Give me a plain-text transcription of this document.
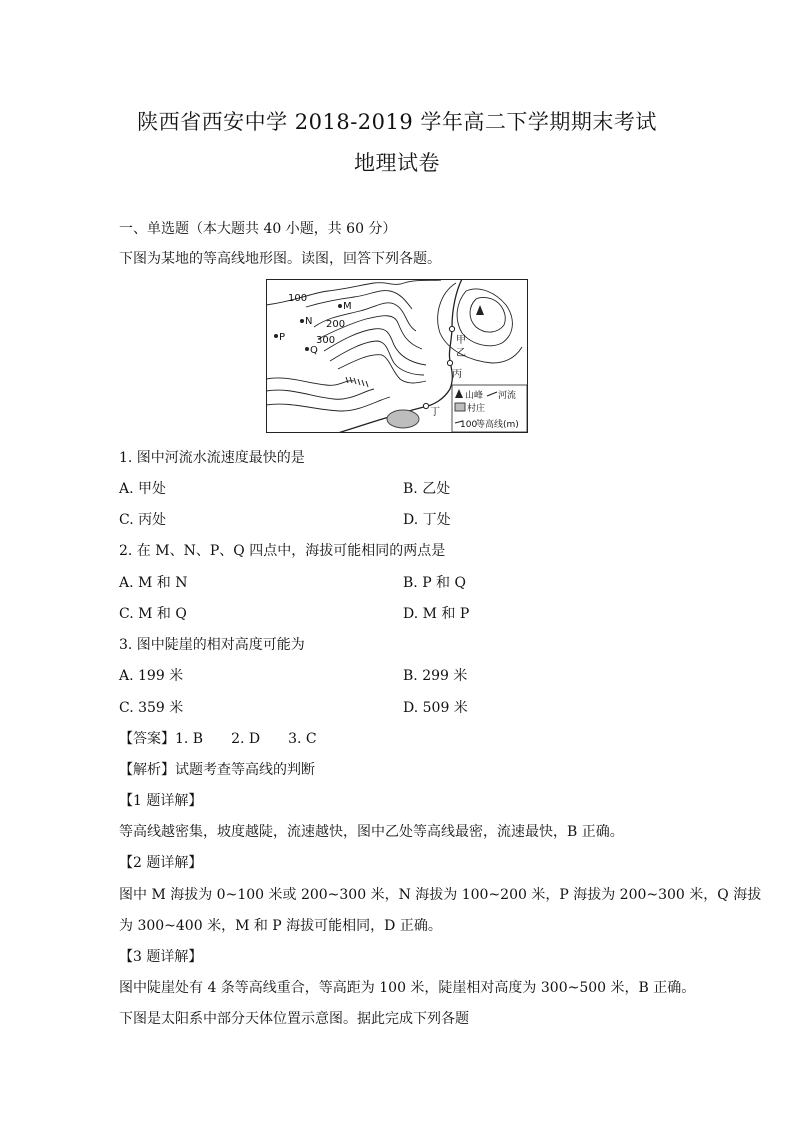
陕西省西安中学 2018-2019 学年高二下学期期末考试
地理试卷
一、单选题（本大题共 40 小题，共 60 分）
下图为某地的等高线地形图。读图，回答下列各题。
100
200
300
M
N
P
Q
甲
乙
丙
丁
山峰 河流
村庄
100
等高线(m)
1. 图中河流水流速度最快的是
A. 甲处	B. 乙处
C. 丙处	D. 丁处
2. 在 M、N、P、Q 四点中，海拔可能相同的两点是
A. M 和 N	B. P 和 Q
C. M 和 Q	D. M 和 P
3. 图中陡崖的相对高度可能为
A. 199 米	B. 299 米
C. 359 米	D. 509 米
【答案】1. B　　2. D　　3. C
【解析】试题考查等高线的判断
【1 题详解】
等高线越密集，坡度越陡，流速越快，图中乙处等高线最密，流速最快，B 正确。
【2 题详解】
图中 M 海拔为 0~100 米或 200~300 米，N 海拔为 100~200 米，P 海拔为 200~300 米，Q 海拔
为 300~400 米，M 和 P 海拔可能相同，D 正确。
【3 题详解】
图中陡崖处有 4 条等高线重合，等高距为 100 米，陡崖相对高度为 300~500 米，B 正确。
下图是太阳系中部分天体位置示意图。据此完成下列各题
